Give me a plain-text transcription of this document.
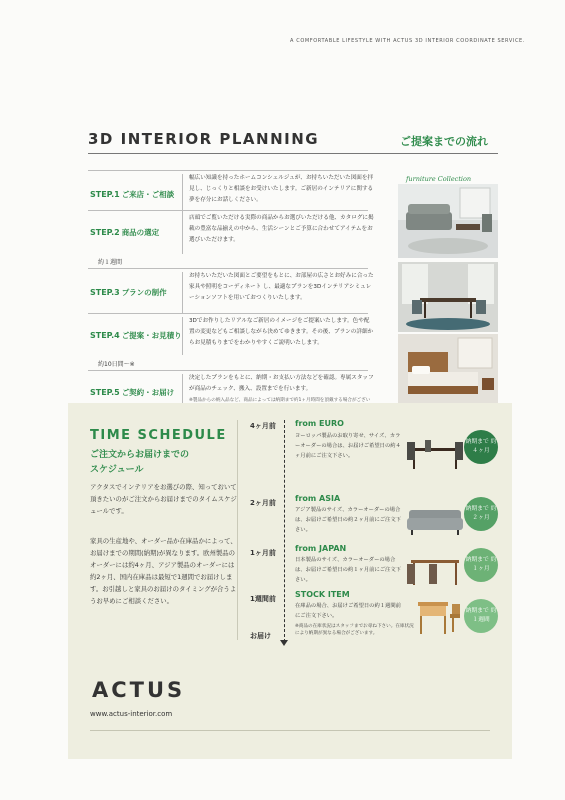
A COMFORTABLE LIFESTYLE WITH ACTUS 3D INTERIOR COORDINATE SERVICE.
3D INTERIOR PLANNING	ご提案までの流れ
STEP.1 ご来店・ご相談
幅広い知識を持ったホームコンシェルジュが、お持ちいただいた図面を拝見し、じっくりと相談をお受けいたします。ご新居のインテリアに関する夢を存分にお話しください。
STEP.2 商品の選定
店頭でご覧いただける実際の商品からお選びいただける他、カタログに掲載の豊富な品揃えの中から、生活シーンとご予算に合わせてアイテムをお選びいただけます。
約１週間
STEP.3 プランの制作
お持ちいただいた図面とご要望をもとに、お部屋の広さとお好みに合った家具や照明をコーディネート し、最適なプランを3Dインテリアシミュレーションソフトを用いておつくりいたします。
STEP.4 ご提案・お見積り
3Dでお作りしたリアルなご新居のイメージをご提案いたします。色や配置の変更などもご相談しながら決めてゆきます。その後、プランの詳細からお見積もりまでをわかりやすくご説明いたします。
約10日間〜※
STEP.5 ご契約・お届け
決定したプランをもとに、納期・お支払い方法などを確認。専属スタッフが商品のチェック、搬入、設置までを行います。
※製品からの納入品など、商品によっては納期まで約1ヶ月時間を頂戴する場合がござい
furniture Collection
TIME SCHEDULE
ご注文からお届けまでの
スケジュール
アクタスでインテリアをお選びの際、知っておいて頂きたいのがご注文からお届けまでのタイムスケジュールです。
家具の生産地や、オーダー品か在庫品かによって、お届けまでの期間(納期)が異なります。欧州製品のオーダーには約4ヶ月、アジア製品のオーダーには約2ヶ月、国内在庫品は最短で1週間でお届けします。お引越しと家具のお届けのタイミングが合うようお早めにご相談ください。
4ヶ月前 from EURO
ヨーロッパ製品のお取り寄せ、サイズ、カラーオーダーの場合は、お届けご希望日の約４ヶ月前にご注文下さい。
納期まで 約４ヶ月
2ヶ月前 from ASIA
アジア製品のサイズ、カラーオーダーの場合は、お届けご希望日の約２ヶ月前にご注文下さい。
納期まで 約２ヶ月
1ヶ月前 from JAPAN
日本製品のサイズ、カラーオーダーの場合は、お届けご希望日の約１ヶ月前にご注文下さい。
納期まで 約１ヶ月
1週間前 STOCK ITEM
在庫品の場合、お届けご希望日の約１週間前にご注文下さい。
※商品の在庫状況はスタッフまでお尋ね下さい。在庫状況により納期が異なる場合がございます。
納期まで 約１週間
お届け
ACTUS
www.actus-interior.com
